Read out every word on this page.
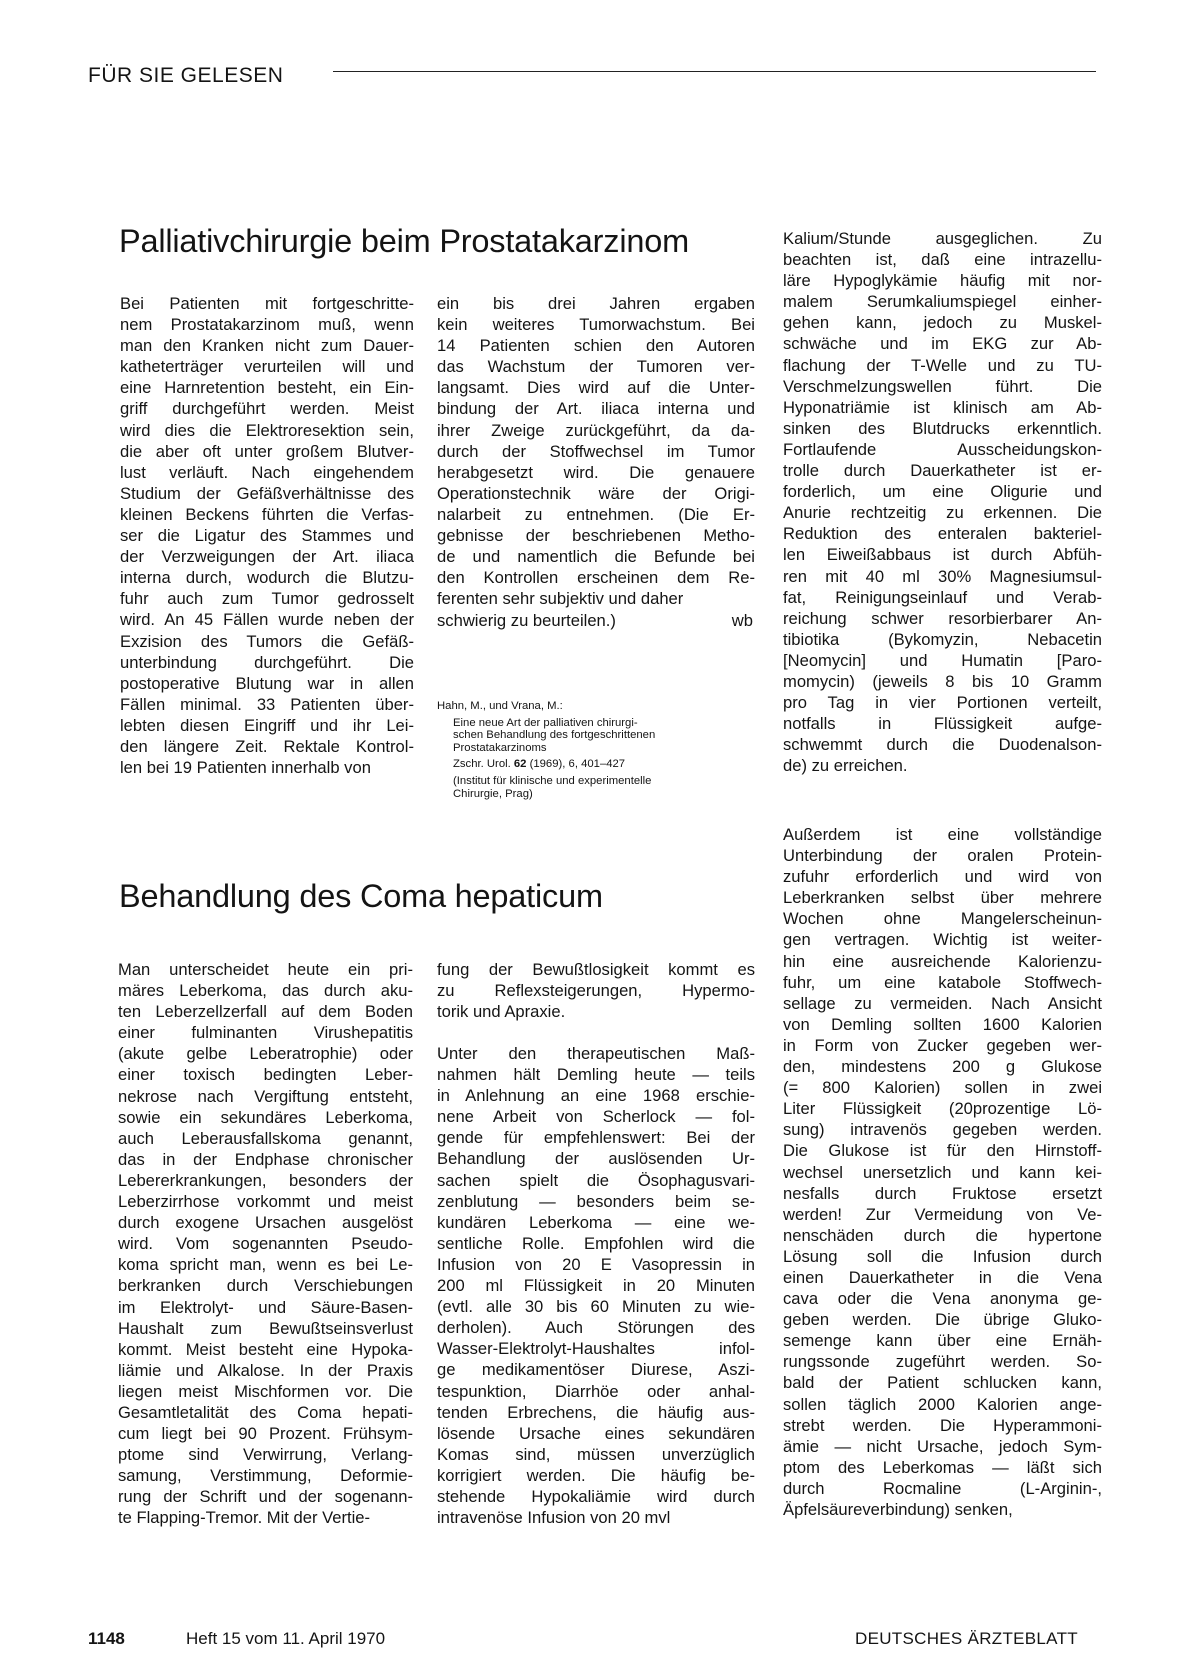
FÜR SIE GELESEN
Palliativchirurgie beim Prostatakarzinom
Bei Patienten mit fortgeschritte-
nem Prostatakarzinom muß, wenn
man den Kranken nicht zum Dauer-
katheterträger verurteilen will und
eine Harnretention besteht, ein Ein-
griff durchgeführt werden. Meist
wird dies die Elektroresektion sein,
die aber oft unter großem Blutver-
lust verläuft. Nach eingehendem
Studium der Gefäßverhältnisse des
kleinen Beckens führten die Verfas-
ser die Ligatur des Stammes und
der Verzweigungen der Art. iliaca
interna durch, wodurch die Blutzu-
fuhr auch zum Tumor gedrosselt
wird. An 45 Fällen wurde neben der
Exzision des Tumors die Gefäß-
unterbindung durchgeführt. Die
postoperative Blutung war in allen
Fällen minimal. 33 Patienten über-
lebten diesen Eingriff und ihr Lei-
den längere Zeit. Rektale Kontrol-
len bei 19 Patienten innerhalb von
ein bis drei Jahren ergaben
kein weiteres Tumorwachstum. Bei
14 Patienten schien den Autoren
das Wachstum der Tumoren ver-
langsamt. Dies wird auf die Unter-
bindung der Art. iliaca interna und
ihrer Zweige zurückgeführt, da da-
durch der Stoffwechsel im Tumor
herabgesetzt wird. Die genauere
Operationstechnik wäre der Origi-
nalarbeit zu entnehmen. (Die Er-
gebnisse der beschriebenen Metho-
de und namentlich die Befunde bei
den Kontrollen erscheinen dem Re-
ferenten sehr subjektiv und daher
schwierig zu beurteilen.)	wb
Hahn, M., und Vrana, M.:
Eine neue Art der palliativen chirurgi-
schen Behandlung des fortgeschrittenen
Prostatakarzinoms
Zschr. Urol. 62 (1969), 6, 401–427
(Institut für klinische und experimentelle
Chirurgie, Prag)
Kalium/Stunde ausgeglichen. Zu
beachten ist, daß eine intrazellu-
läre Hypoglykämie häufig mit nor-
malem Serumkaliumspiegel einher-
gehen kann, jedoch zu Muskel-
schwäche und im EKG zur Ab-
flachung der T-Welle und zu TU-
Verschmelzungswellen führt. Die
Hyponatriämie ist klinisch am Ab-
sinken des Blutdrucks erkenntlich.
Fortlaufende Ausscheidungskon-
trolle durch Dauerkatheter ist er-
forderlich, um eine Oligurie und
Anurie rechtzeitig zu erkennen. Die
Reduktion des enteralen bakteriel-
len Eiweißabbaus ist durch Abfüh-
ren mit 40 ml 30% Magnesiumsul-
fat, Reinigungseinlauf und Verab-
reichung schwer resorbierbarer An-
tibiotika (Bykomyzin, Nebacetin
[Neomycin] und Humatin [Paro-
momycin) (jeweils 8 bis 10 Gramm
pro Tag in vier Portionen verteilt,
notfalls in Flüssigkeit aufge-
schwemmt durch die Duodenalson-
de) zu erreichen.
Behandlung des Coma hepaticum
Man unterscheidet heute ein pri-
märes Leberkoma, das durch aku-
ten Leberzellzerfall auf dem Boden
einer fulminanten Virushepatitis
(akute gelbe Leberatrophie) oder
einer toxisch bedingten Leber-
nekrose nach Vergiftung entsteht,
sowie ein sekundäres Leberkoma,
auch Leberausfallskoma genannt,
das in der Endphase chronischer
Lebererkrankungen, besonders der
Leberzirrhose vorkommt und meist
durch exogene Ursachen ausgelöst
wird. Vom sogenannten Pseudo-
koma spricht man, wenn es bei Le-
berkranken durch Verschiebungen
im Elektrolyt- und Säure-Basen-
Haushalt zum Bewußtseinsverlust
kommt. Meist besteht eine Hypoka-
liämie und Alkalose. In der Praxis
liegen meist Mischformen vor. Die
Gesamtletalität des Coma hepati-
cum liegt bei 90 Prozent. Frühsym-
ptome sind Verwirrung, Verlang-
samung, Verstimmung, Deformie-
rung der Schrift und der sogenann-
te Flapping-Tremor. Mit der Vertie-
fung der Bewußtlosigkeit kommt es
zu Reflexsteigerungen, Hypermo-
torik und Apraxie.
Unter den therapeutischen Maß-
nahmen hält Demling heute — teils
in Anlehnung an eine 1968 erschie-
nene Arbeit von Scherlock — fol-
gende für empfehlenswert: Bei der
Behandlung der auslösenden Ur-
sachen spielt die Ösophagusvari-
zenblutung — besonders beim se-
kundären Leberkoma — eine we-
sentliche Rolle. Empfohlen wird die
Infusion von 20 E Vasopressin in
200 ml Flüssigkeit in 20 Minuten
(evtl. alle 30 bis 60 Minuten zu wie-
derholen). Auch Störungen des
Wasser-Elektrolyt-Haushaltes infol-
ge medikamentöser Diurese, Aszi-
tespunktion, Diarrhöe oder anhal-
tenden Erbrechens, die häufig aus-
lösende Ursache eines sekundären
Komas sind, müssen unverzüglich
korrigiert werden. Die häufig be-
stehende Hypokaliämie wird durch
intravenöse Infusion von 20 mvl
Außerdem ist eine vollständige
Unterbindung der oralen Protein-
zufuhr erforderlich und wird von
Leberkranken selbst über mehrere
Wochen ohne Mangelerscheinun-
gen vertragen. Wichtig ist weiter-
hin eine ausreichende Kalorienzu-
fuhr, um eine katabole Stoffwech-
sellage zu vermeiden. Nach Ansicht
von Demling sollten 1600 Kalorien
in Form von Zucker gegeben wer-
den, mindestens 200 g Glukose
(= 800 Kalorien) sollen in zwei
Liter Flüssigkeit (20prozentige Lö-
sung) intravenös gegeben werden.
Die Glukose ist für den Hirnstoff-
wechsel unersetzlich und kann kei-
nesfalls durch Fruktose ersetzt
werden! Zur Vermeidung von Ve-
nenschäden durch die hypertone
Lösung soll die Infusion durch
einen Dauerkatheter in die Vena
cava oder die Vena anonyma ge-
geben werden. Die übrige Gluko-
semenge kann über eine Ernäh-
rungssonde zugeführt werden. So-
bald der Patient schlucken kann,
sollen täglich 2000 Kalorien ange-
strebt werden. Die Hyperammoni-
ämie — nicht Ursache, jedoch Sym-
ptom des Leberkomas — läßt sich
durch Rocmaline (L-Arginin-,
Äpfelsäureverbindung) senken,
1148	Heft 15 vom 11. April 1970	DEUTSCHES ÄRZTEBLATT
